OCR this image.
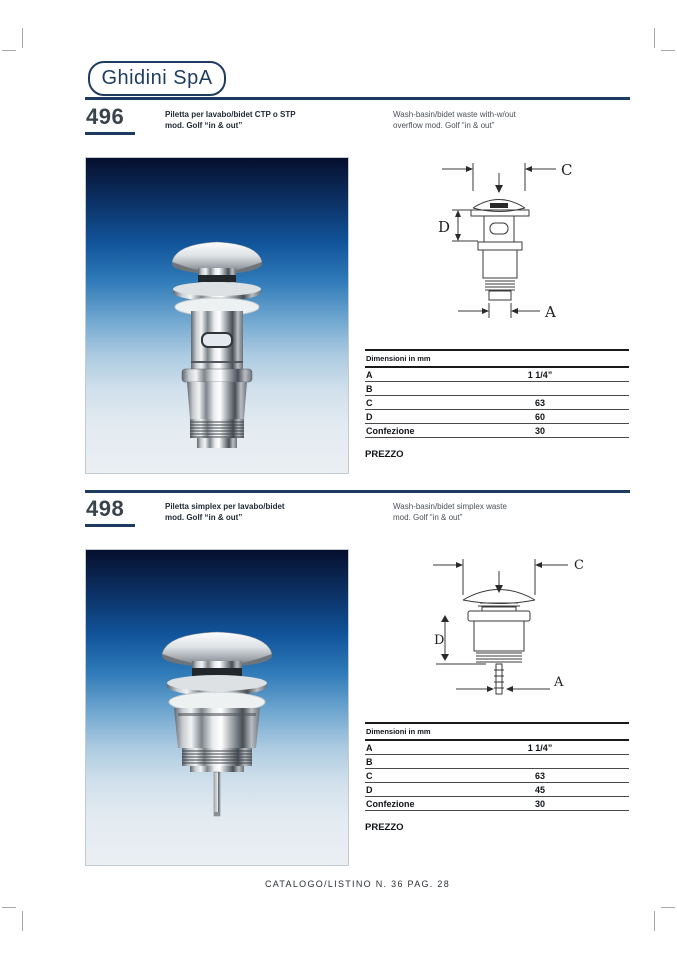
Ghidini SpA
496	Piletta per lavabo/bidet CTP o STP
mod. Golf “in & out”
Wash-basin/bidet waste with-w/out
overflow mod. Golf “in & out”
C
D
A
Dimensioni in mm
A	1 1/4”
B
C	63
D	60
Confezione	30
PREZZO
498	Piletta simplex per lavabo/bidet
mod. Golf “in & out”
Wash-basin/bidet simplex waste
mod. Golf “in & out”
C
D
A
Dimensioni in mm
A	1 1/4”
B
C	63
D	45
Confezione	30
PREZZO
CATALOGO/LISTINO N. 36 PAG. 28
